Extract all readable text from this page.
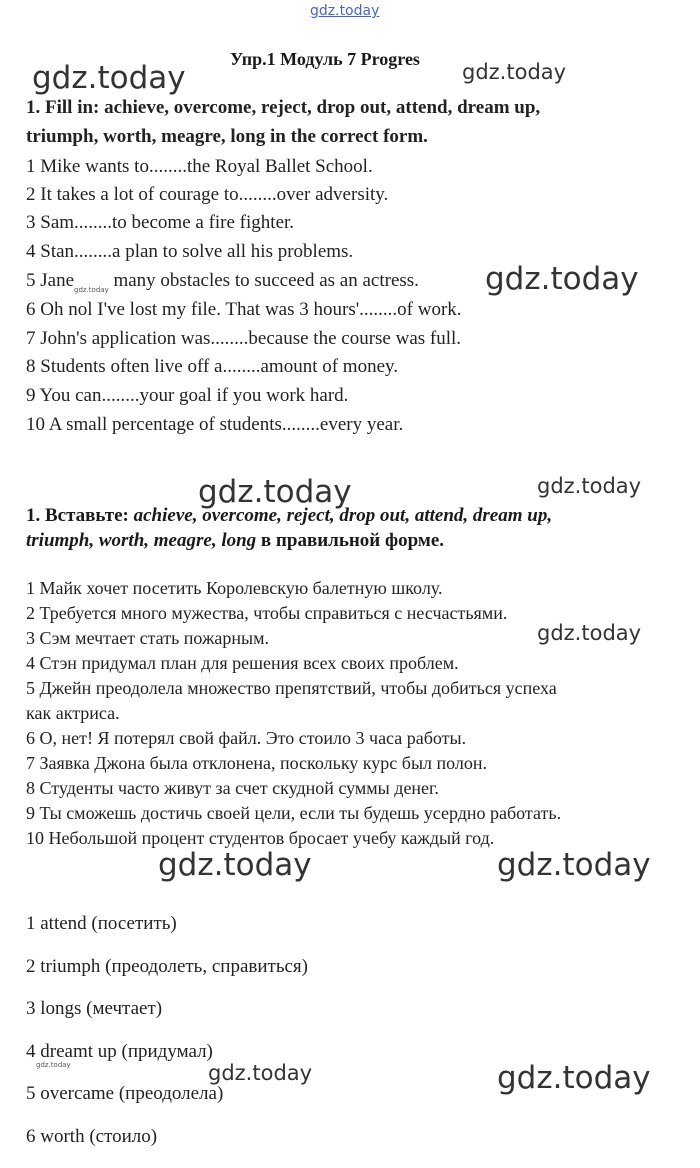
gdz.today
gdz.today	gdz.today
gdz.today
gdz.today	gdz.today
gdz.today
gdz.today	gdz.today
gdz.today	gdz.today	gdz.today
Упр.1 Модуль 7 Progres
1. Fill in: achieve, overcome, reject, drop out, attend, dream up,
triumph, worth, meagre, long in the correct form.
1 Mike wants to........the Royal Ballet School.
2 It takes a lot of courage to........over adversity.
3 Sam........to become a fire fighter.
4 Stan........a plan to solve all his problems.
5 Jane$_{gdz.today}$ many obstacles to succeed as an actress.
6 Oh nol I've lost my file. That was 3 hours'........of work.
7 John's application was........because the course was full.
8 Students often live off a........amount of money.
9 You can........your goal if you work hard.
10 A small percentage of students........every year.
1. Вставьте: achieve, overcome, reject, drop out, attend, dream up,
triumph, worth, meagre, long в правильной форме.
1 Майк хочет посетить Королевскую балетную школу.
2 Требуется много мужества, чтобы справиться с несчастьями.
3 Сэм мечтает стать пожарным.
4 Стэн придумал план для решения всех своих проблем.
5 Джейн преодолела множество препятствий, чтобы добиться успеха
как актриса.
6 О, нет! Я потерял свой файл. Это стоило 3 часа работы.
7 Заявка Джона была отклонена, поскольку курс был полон.
8 Студенты часто живут за счет скудной суммы денег.
9 Ты сможешь достичь своей цели, если ты будешь усердно работать.
10 Небольшой процент студентов бросает учебу каждый год.
1 attend (посетить)
2 triumph (преодолеть, справиться)
3 longs (мечтает)
4 dreamt up (придумал)
5 overcame (преодолела)
6 worth (стоило)
